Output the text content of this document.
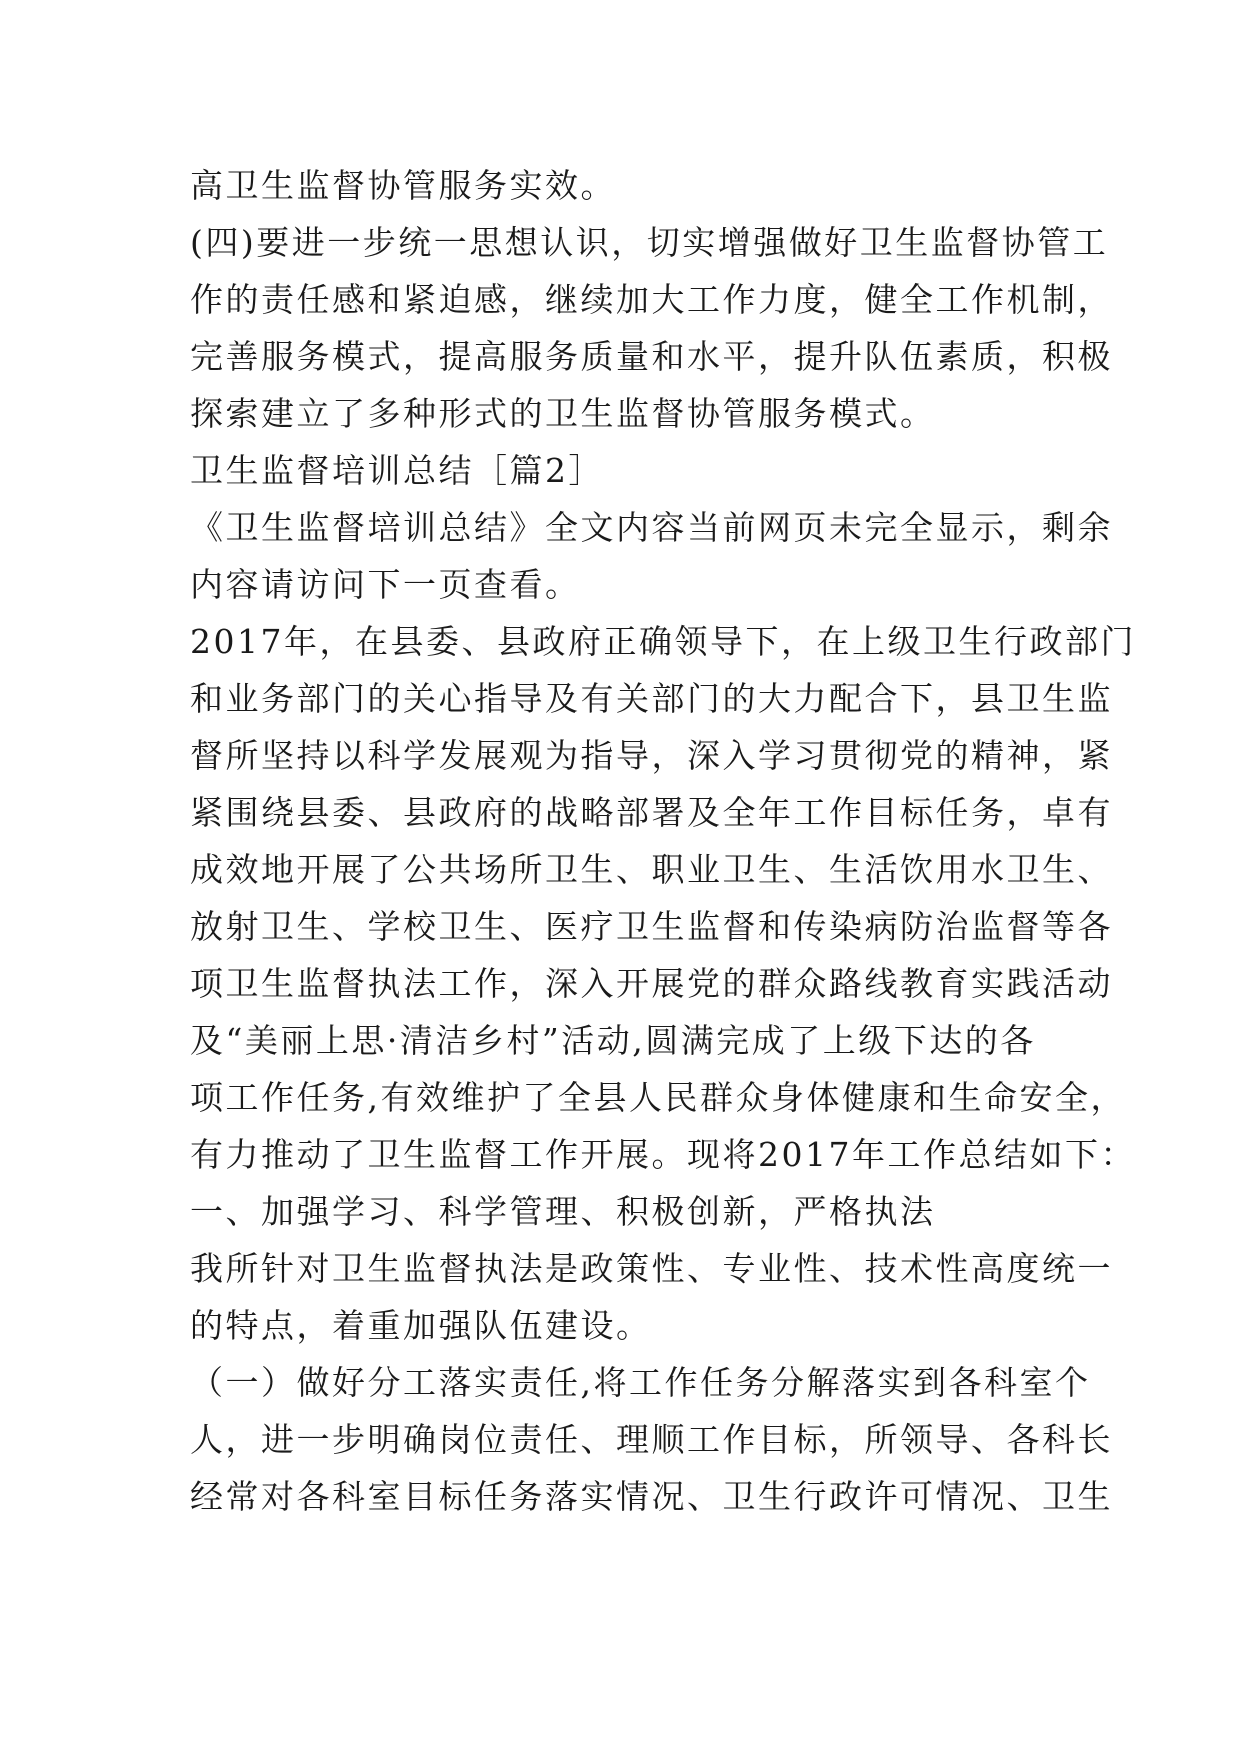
高卫生监督协管服务实效。
(四)要进一步统一思想认识，切实增强做好卫生监督协管工
作的责任感和紧迫感，继续加大工作力度，健全工作机制，
完善服务模式，提高服务质量和水平，提升队伍素质，积极
探索建立了多种形式的卫生监督协管服务模式。
卫生监督培训总结［篇2］
《卫生监督培训总结》全文内容当前网页未完全显示，剩余
内容请访问下一页查看。
2017年，在县委、县政府正确领导下，在上级卫生行政部门
和业务部门的关心指导及有关部门的大力配合下，县卫生监
督所坚持以科学发展观为指导，深入学习贯彻党的精神，紧
紧围绕县委、县政府的战略部署及全年工作目标任务，卓有
成效地开展了公共场所卫生、职业卫生、生活饮用水卫生、
放射卫生、学校卫生、医疗卫生监督和传染病防治监督等各
项卫生监督执法工作，深入开展党的群众路线教育实践活动
及“美丽上思·清洁乡村”活动,圆满完成了上级下达的各
项工作任务,有效维护了全县人民群众身体健康和生命安全，
有力推动了卫生监督工作开展。现将2017年工作总结如下：
一、加强学习、科学管理、积极创新，严格执法
我所针对卫生监督执法是政策性、专业性、技术性高度统一
的特点，着重加强队伍建设。
（一）做好分工落实责任,将工作任务分解落实到各科室个
人，进一步明确岗位责任、理顺工作目标，所领导、各科长
经常对各科室目标任务落实情况、卫生行政许可情况、卫生
